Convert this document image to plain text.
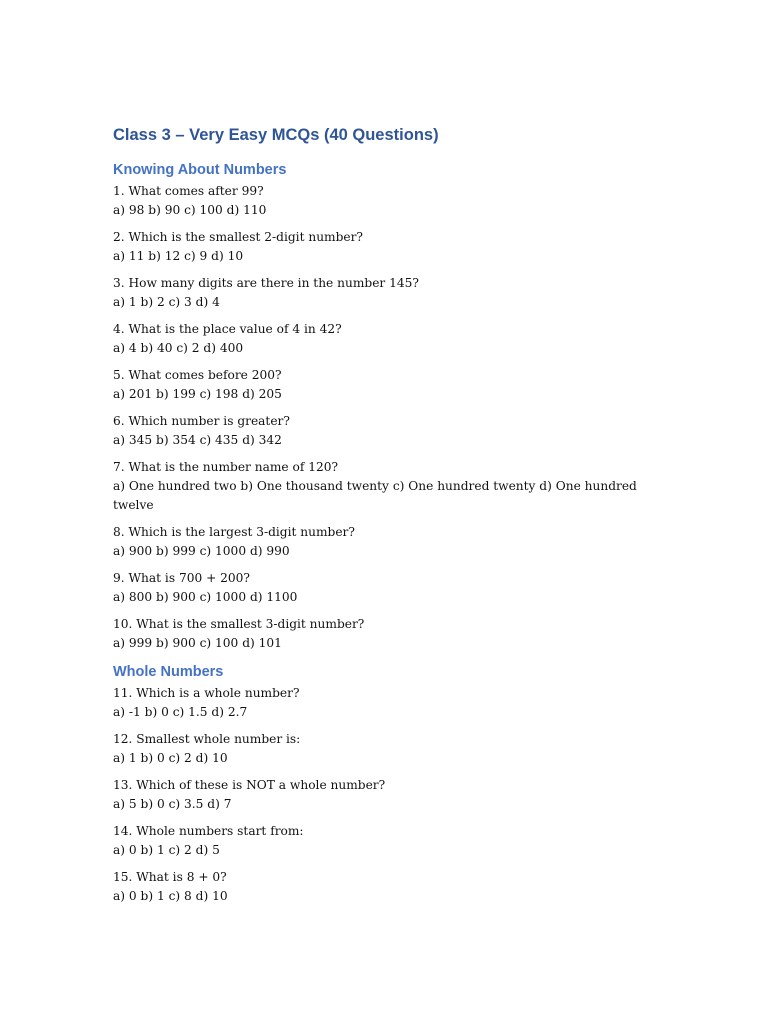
Class 3 – Very Easy MCQs (40 Questions)
Knowing About Numbers
1. What comes after 99?
a) 98 b) 90 c) 100 d) 110
2. Which is the smallest 2-digit number?
a) 11 b) 12 c) 9 d) 10
3. How many digits are there in the number 145?
a) 1 b) 2 c) 3 d) 4
4. What is the place value of 4 in 42?
a) 4 b) 40 c) 2 d) 400
5. What comes before 200?
a) 201 b) 199 c) 198 d) 205
6. Which number is greater?
a) 345 b) 354 c) 435 d) 342
7. What is the number name of 120?
a) One hundred two b) One thousand twenty c) One hundred twenty d) One hundred twelve
8. Which is the largest 3-digit number?
a) 900 b) 999 c) 1000 d) 990
9. What is 700 + 200?
a) 800 b) 900 c) 1000 d) 1100
10. What is the smallest 3-digit number?
a) 999 b) 900 c) 100 d) 101
Whole Numbers
11. Which is a whole number?
a) -1 b) 0 c) 1.5 d) 2.7
12. Smallest whole number is:
a) 1 b) 0 c) 2 d) 10
13. Which of these is NOT a whole number?
a) 5 b) 0 c) 3.5 d) 7
14. Whole numbers start from:
a) 0 b) 1 c) 2 d) 5
15. What is 8 + 0?
a) 0 b) 1 c) 8 d) 10
